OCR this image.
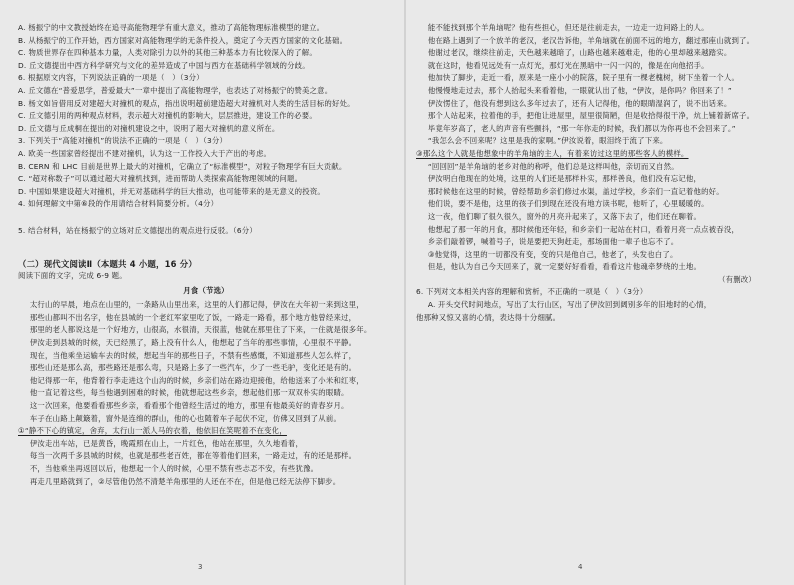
A. 杨振宁的中文教授始终在追寻高能物理学有重大意义，推动了高能物理标准模型的建立。
B. 从杨振宁的工作开始，西方国家对高能物理学的无条件投入，奠定了今天西方国家的文化基础。
C. 物质世界存在四种基本力量，人类对除引力以外的其他三种基本力有比较深入的了解。
D. 丘文德提出中西方科学研究与文化的差异造成了中国与西方在基础科学领域的分歧。
6. 根据原文内容，下列说法正确的一项是（　）（3分）
A. 丘文德在“普爱思学，普爱最大”一章中提出了高能物理学，也表达了对杨振宁的赞美之意。
B. 杨文如旨借用反对建超大对撞机的观点，指出说明超前建造超大对撞机对人类的生活目标的好处。
C. 丘文德引用的两种观点材料，表示超大对撞机的影响大，层层推进，建设工作的必要。
D. 丘文德与丘成桐在提出的对撞机建设之中，说明了超大对撞机的意义所在。
3. 下列关于“高能对撞机”的说法不正确的一项是（　）（3分）
A. 欧美一些国家曾经提出不建对撞机，认为这一工作投入大于产出的考虑。
B. CERN 和 LHC 目前是世界上最大的对撞机，它确立了“标准模型”，对粒子物理学有巨大贡献。
C. “超对称数子”可以通过超大对撞机找到，进而帮助人类探索高能物理领域的问题。
D. 中国如果建设超大对撞机，并无对基础科学的巨大推动，也可能带来的是无意义的投资。
4. 如何理解文中第⑥段的作用请结合材料简要分析。（4分）
5. 结合材料，站在杨振宁的立场对丘文德提出的观点进行反驳。（6分）
（二）现代文阅读Ⅱ（本题共 4 小题，16 分）
阅读下面的文字，完成 6-9 题。
月食（节选）
太行山的早晨，地点在山里的，一条路从山里出来，这里的人们都记得，伊汝在大年初一来到这里，
那些山都叫不出名字，他在县城的一个老红军家里吃了饭，一路走一路看，那个地方他曾经来过，
那里的老人都说这是一个好地方，山很高，水很清，天很蓝，他就在那里住了下来，一住就是很多年。
伊汝走到县城的时候，天已经黑了，路上没有什么人，他想起了当年的那些事情，心里很不平静。
现在，当他乘坐运输车去的时候，想起当年的那些日子，不禁有些感慨，不知道那些人怎么样了，
那些山还是那么高，那些路还是那么弯，只是路上多了一些汽车，少了一些毛驴，变化还是有的。
他记得那一年，他背着行李走进这个山沟的时候，乡亲们站在路边迎接他，给他送来了小米和红枣，
他一直记着这些，每当他遇到困难的时候，他就想起这些乡亲，想起他们那一双双朴实的眼睛。
这一次回来，他要看看那些乡亲，看看那个他曾经生活过的地方，那里有他最美好的青春岁月。
车子在山路上颠簸着，窗外是连绵的群山，他的心也随着车子起伏不定，仿佛又回到了从前。
①“静不下心的镇定，舍弃，太行山一派人马的衣着，他依旧在笑呢着不在变化，
伊汝走出车站，已是黄昏，晚霞照在山上，一片红色，他站在那里，久久地看着，
每当一次两千多县城的时候，也就是那些老百姓，都在等着他们回来，一路走过，有的还是那样。
不，当他乘坐再返回以后，他想起一个人的时候，心里不禁有些忐忑不安，有些犹豫。
再走几里路就到了，②尽管他仍然不清楚羊角那里的人还在不在，但是他已经无法停下脚步。
能不能找到那个羊角垴呢？他有些担心，但还是往前走去，一边走一边问路上的人。
他在路上遇到了一个放羊的老汉，老汉告诉他，羊角垴就在前面不远的地方，翻过那座山就到了。
他谢过老汉，继续往前走，天色越来越暗了，山路也越来越难走，他的心里却越来越踏实。
就在这时，他看见远处有一点灯光，那灯光在黑暗中一闪一闪的，像是在向他招手。
他加快了脚步，走近一看，原来是一座小小的院落，院子里有一棵老槐树，树下坐着一个人。
他慢慢地走过去，那个人抬起头来看着他，一眼就认出了他，“伊汝，是你吗？你回来了！”
伊汝愣住了，他没有想到这么多年过去了，还有人记得他，他的眼睛湿润了，说不出话来。
那个人站起来，拉着他的手，把他让进屋里，屋里很简陋，但是收拾得很干净，炕上铺着新席子。
毕竟年岁高了，老人的声音有些颤抖，“那一年你走的时候，我们都以为你再也不会回来了。”
“我怎么会不回来呢？这里是我的家啊。”伊汝说着，眼泪终于流了下来。
③那么这个人就是他想象中的羊角垴的主人，有着来访过这里的那些客人的模样。
“回回回”是羊角垴的老乡对他的称呼，他们总是这样叫他，亲切而又自然。
伊汝明白他现在的处境，这里的人们还是那样朴实，那样善良，他们没有忘记他，
那时候他在这里的时候，曾经帮助乡亲们修过水渠，盖过学校，乡亲们一直记着他的好。
他们说，要不是他，这里的孩子们到现在还没有地方读书呢，他听了，心里暖暖的。
这一夜，他们聊了很久很久，窗外的月亮升起来了，又落下去了，他们还在聊着。
他想起了那一年的月食，那时候他还年轻，和乡亲们一起站在村口，看着月亮一点点被吞没，
乡亲们敲着锣，喊着号子，说是要把天狗赶走，那场面他一辈子也忘不了。
③他觉得，这里的一切都没有变，变的只是他自己，他老了，头发也白了。
但是，他认为自己今天回来了，就一定要好好看看，看看这片他魂牵梦绕的土地。
（有删改）
6. 下列对文本相关内容的理解和赏析，不正确的一项是（　）（3分）
A. 开头交代时间地点，写出了太行山区，写出了伊汝回到阔别多年的旧地时的心情，
他那种又惊又喜的心情，表达得十分细腻。
3	4
